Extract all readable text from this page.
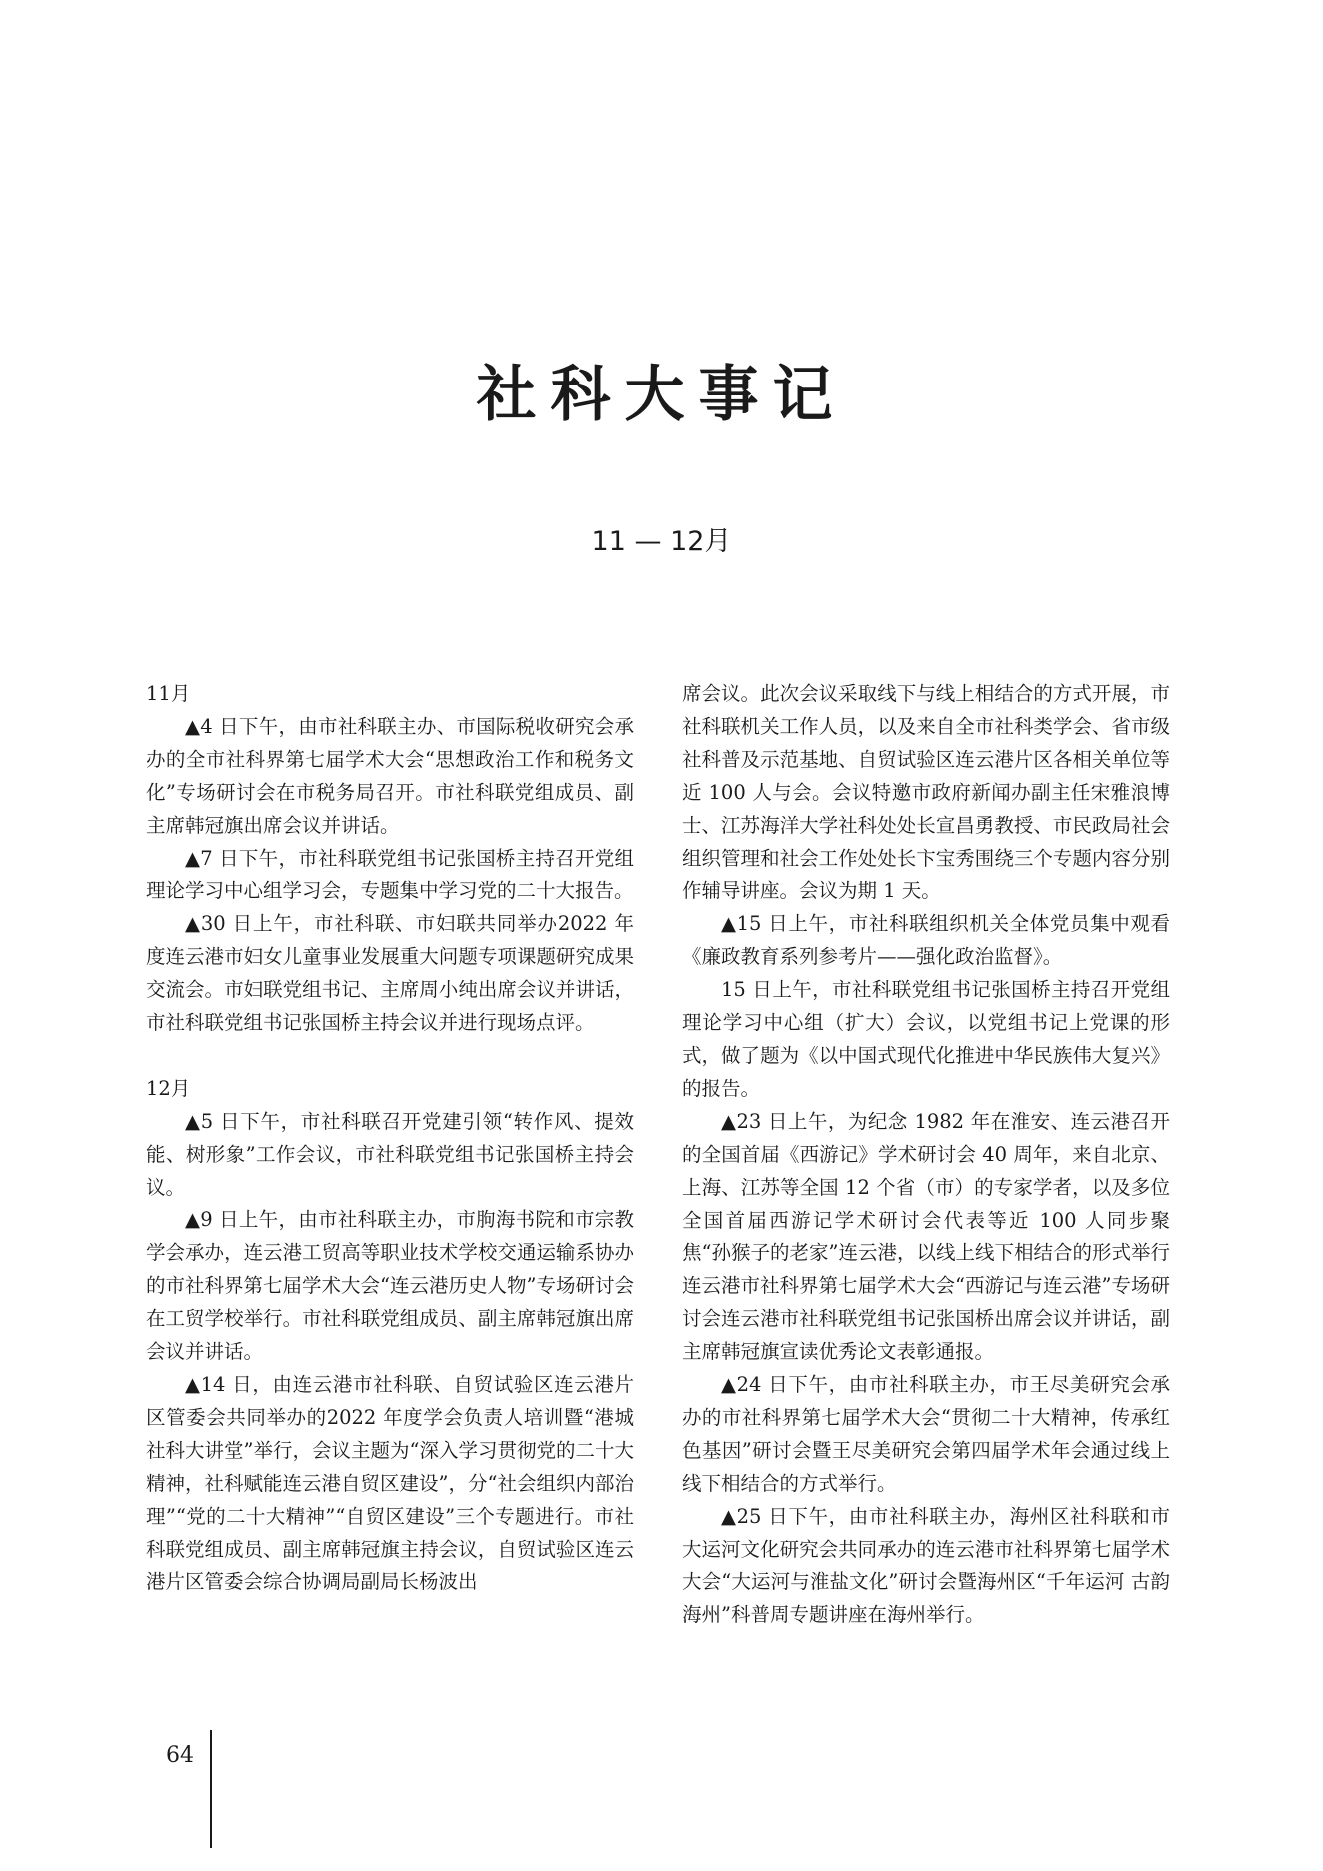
社科大事记
11 — 12月
11月

▲4 日下午，由市社科联主办、市国际税收研究会承办的全市社科界第七届学术大会“思想政治工作和税务文化”专场研讨会在市税务局召开。市社科联党组成员、副主席韩冠旗出席会议并讲话。

▲7 日下午，市社科联党组书记张国桥主持召开党组理论学习中心组学习会，专题集中学习党的二十大报告。

▲30 日上午，市社科联、市妇联共同举办2022 年度连云港市妇女儿童事业发展重大问题专项课题研究成果交流会。市妇联党组书记、主席周小纯出席会议并讲话，市社科联党组书记张国桥主持会议并进行现场点评。

12月

▲5 日下午，市社科联召开党建引领“转作风、提效能、树形象”工作会议，市社科联党组书记张国桥主持会议。

▲9 日上午，由市社科联主办，市朐海书院和市宗教学会承办，连云港工贸高等职业技术学校交通运输系协办的市社科界第七届学术大会“连云港历史人物”专场研讨会在工贸学校举行。市社科联党组成员、副主席韩冠旗出席会议并讲话。

▲14 日，由连云港市社科联、自贸试验区连云港片区管委会共同举办的2022 年度学会负责人培训暨“港城社科大讲堂”举行，会议主题为“深入学习贯彻党的二十大精神，社科赋能连云港自贸区建设”，分“社会组织内部治理”“党的二十大精神”“自贸区建设”三个专题进行。市社科联党组成员、副主席韩冠旗主持会议，自贸试验区连云港片区管委会综合协调局副局长杨波出

席会议。此次会议采取线下与线上相结合的方式开展，市社科联机关工作人员，以及来自全市社科类学会、省市级社科普及示范基地、自贸试验区连云港片区各相关单位等近 100 人与会。会议特邀市政府新闻办副主任宋雅浪博士、江苏海洋大学社科处处长宣昌勇教授、市民政局社会组织管理和社会工作处处长卞宝秀围绕三个专题内容分别作辅导讲座。会议为期 1 天。

▲15 日上午，市社科联组织机关全体党员集中观看《廉政教育系列参考片——强化政治监督》。

15 日上午，市社科联党组书记张国桥主持召开党组理论学习中心组（扩大）会议，以党组书记上党课的形式，做了题为《以中国式现代化推进中华民族伟大复兴》的报告。

▲23 日上午，为纪念 1982 年在淮安、连云港召开的全国首届《西游记》学术研讨会 40 周年，来自北京、上海、江苏等全国 12 个省（市）的专家学者，以及多位全国首届西游记学术研讨会代表等近 100 人同步聚焦“孙猴子的老家”连云港，以线上线下相结合的形式举行连云港市社科界第七届学术大会“西游记与连云港”专场研讨会连云港市社科联党组书记张国桥出席会议并讲话，副主席韩冠旗宣读优秀论文表彰通报。

▲24 日下午，由市社科联主办，市王尽美研究会承办的市社科界第七届学术大会“贯彻二十大精神，传承红色基因”研讨会暨王尽美研究会第四届学术年会通过线上线下相结合的方式举行。

▲25 日下午，由市社科联主办，海州区社科联和市大运河文化研究会共同承办的连云港市社科界第七届学术大会“大运河与淮盐文化”研讨会暨海州区“千年运河 古韵海州”科普周专题讲座在海州举行。

64
